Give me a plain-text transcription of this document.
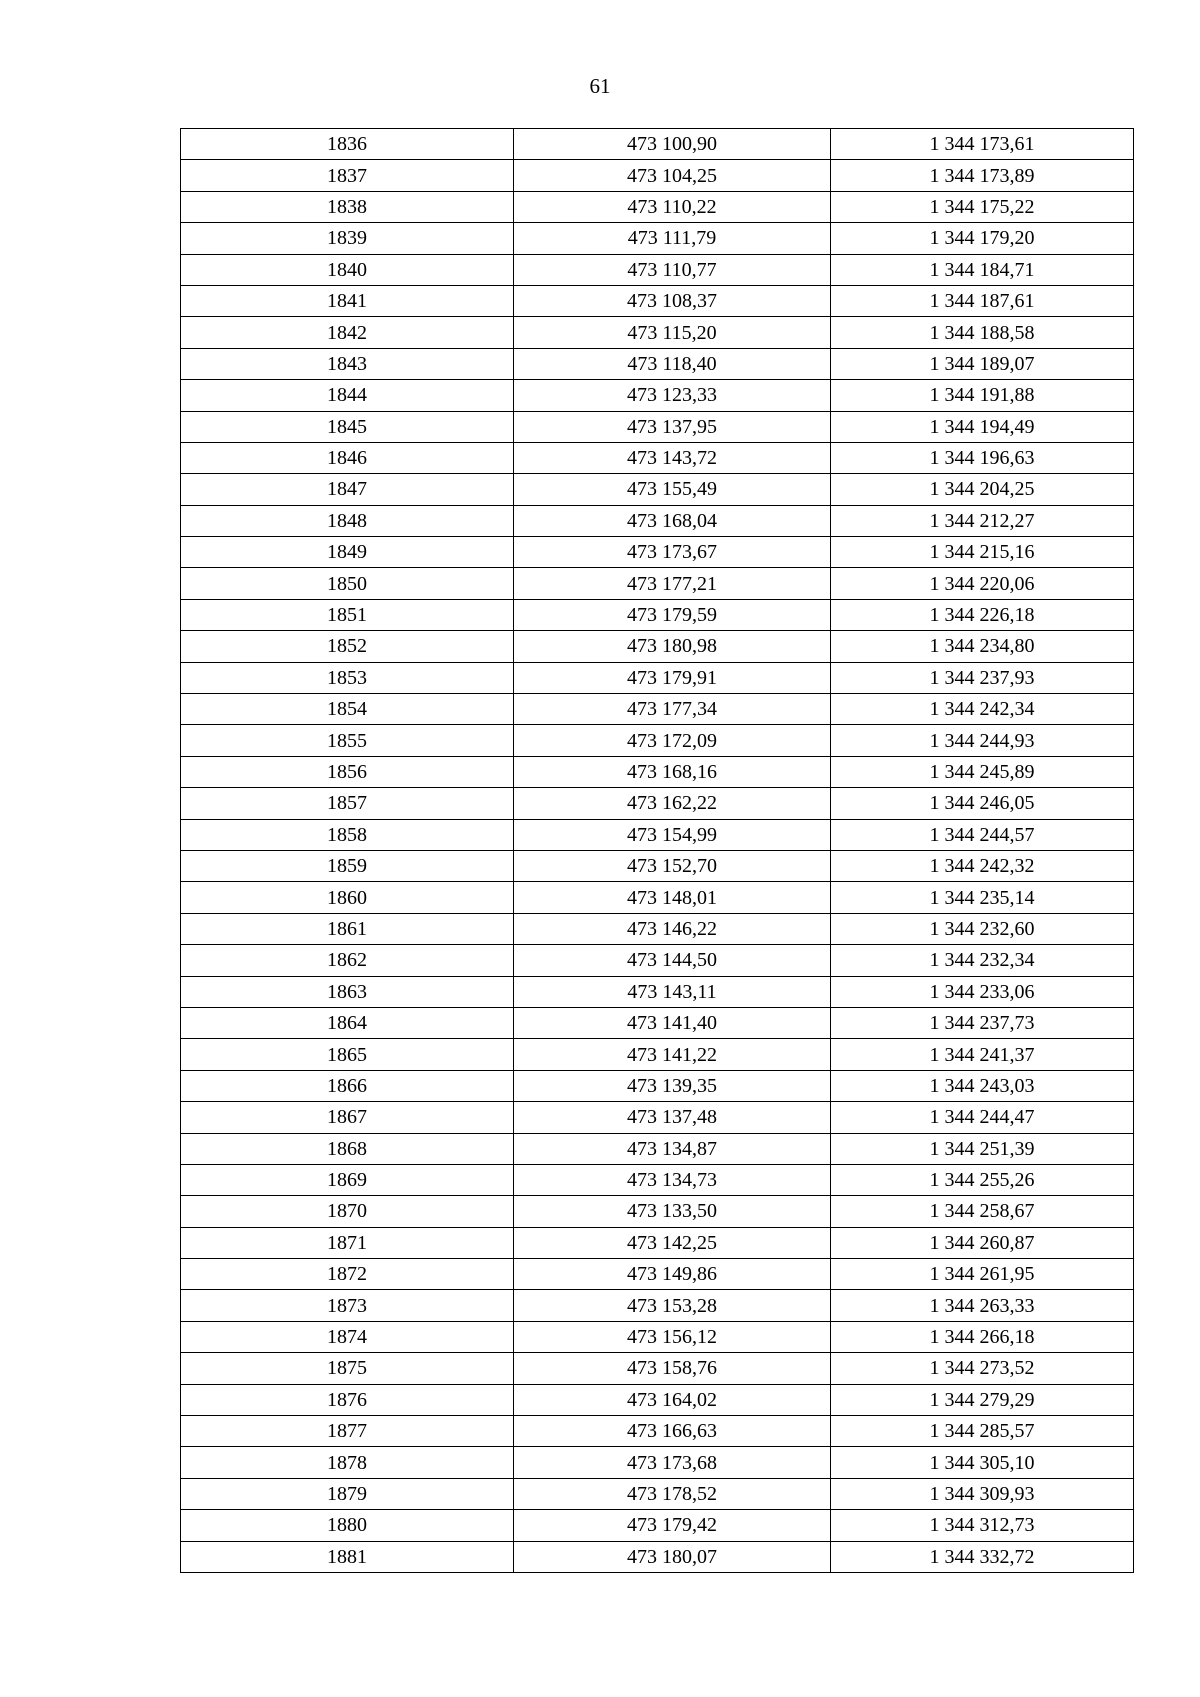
61
1836	473 100,90	1 344 173,61
1837	473 104,25	1 344 173,89
1838	473 110,22	1 344 175,22
1839	473 111,79	1 344 179,20
1840	473 110,77	1 344 184,71
1841	473 108,37	1 344 187,61
1842	473 115,20	1 344 188,58
1843	473 118,40	1 344 189,07
1844	473 123,33	1 344 191,88
1845	473 137,95	1 344 194,49
1846	473 143,72	1 344 196,63
1847	473 155,49	1 344 204,25
1848	473 168,04	1 344 212,27
1849	473 173,67	1 344 215,16
1850	473 177,21	1 344 220,06
1851	473 179,59	1 344 226,18
1852	473 180,98	1 344 234,80
1853	473 179,91	1 344 237,93
1854	473 177,34	1 344 242,34
1855	473 172,09	1 344 244,93
1856	473 168,16	1 344 245,89
1857	473 162,22	1 344 246,05
1858	473 154,99	1 344 244,57
1859	473 152,70	1 344 242,32
1860	473 148,01	1 344 235,14
1861	473 146,22	1 344 232,60
1862	473 144,50	1 344 232,34
1863	473 143,11	1 344 233,06
1864	473 141,40	1 344 237,73
1865	473 141,22	1 344 241,37
1866	473 139,35	1 344 243,03
1867	473 137,48	1 344 244,47
1868	473 134,87	1 344 251,39
1869	473 134,73	1 344 255,26
1870	473 133,50	1 344 258,67
1871	473 142,25	1 344 260,87
1872	473 149,86	1 344 261,95
1873	473 153,28	1 344 263,33
1874	473 156,12	1 344 266,18
1875	473 158,76	1 344 273,52
1876	473 164,02	1 344 279,29
1877	473 166,63	1 344 285,57
1878	473 173,68	1 344 305,10
1879	473 178,52	1 344 309,93
1880	473 179,42	1 344 312,73
1881	473 180,07	1 344 332,72
